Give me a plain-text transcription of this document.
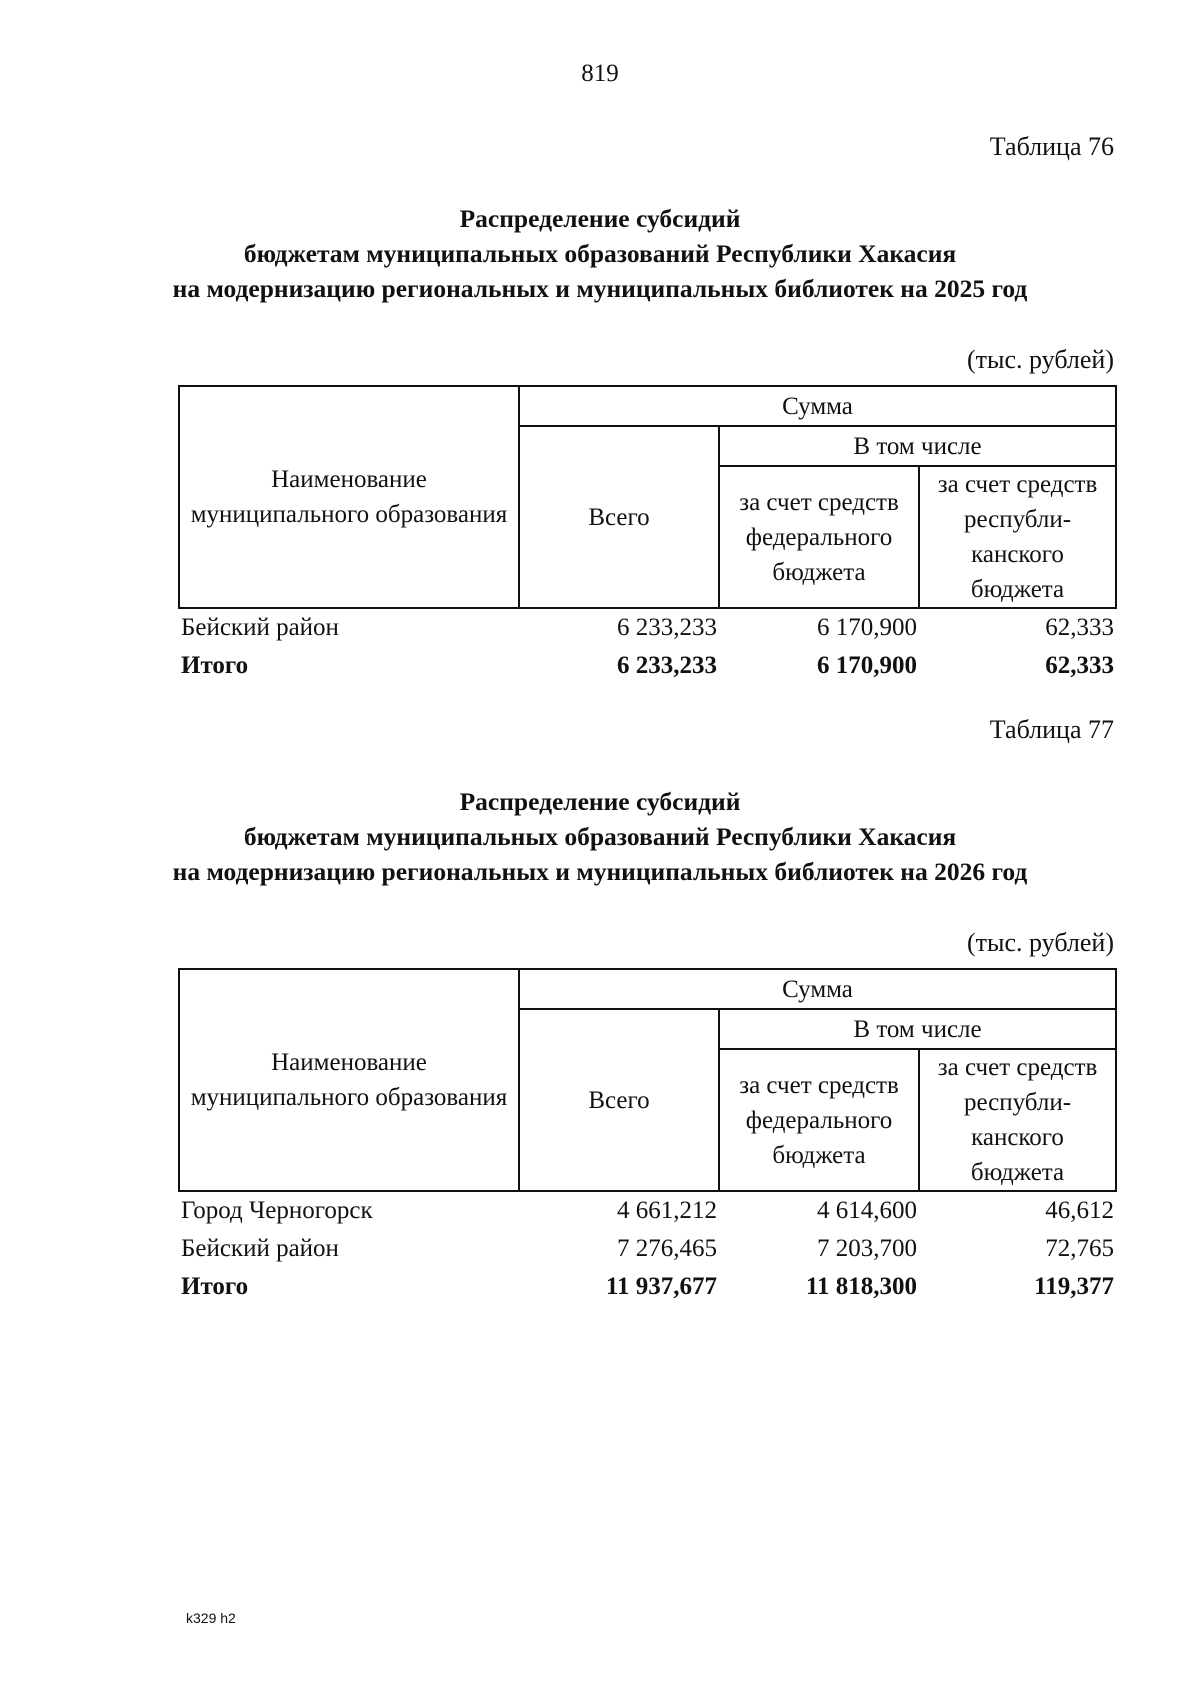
819
Таблица 76
Распределение субсидий
бюджетам муниципальных образований Республики Хакасия
на модернизацию региональных и муниципальных библиотек на 2025 год
(тыс. рублей)
Наименование муниципального образования	Сумма		
	Всего	В том числе	
		за счет средств федерального бюджета	за счет средств республи-канского бюджета
Бейский район	6 233,233	6 170,900	62,333
Итого	6 233,233	6 170,900	62,333
Таблица 77
Распределение субсидий
бюджетам муниципальных образований Республики Хакасия
на модернизацию региональных и муниципальных библиотек на 2026 год
(тыс. рублей)
Наименование муниципального образования	Сумма		
	Всего	В том числе	
		за счет средств федерального бюджета	за счет средств республи-канского бюджета
Город Черногорск	4 661,212	4 614,600	46,612
Бейский район	7 276,465	7 203,700	72,765
Итого	11 937,677	11 818,300	119,377
k329 h2
